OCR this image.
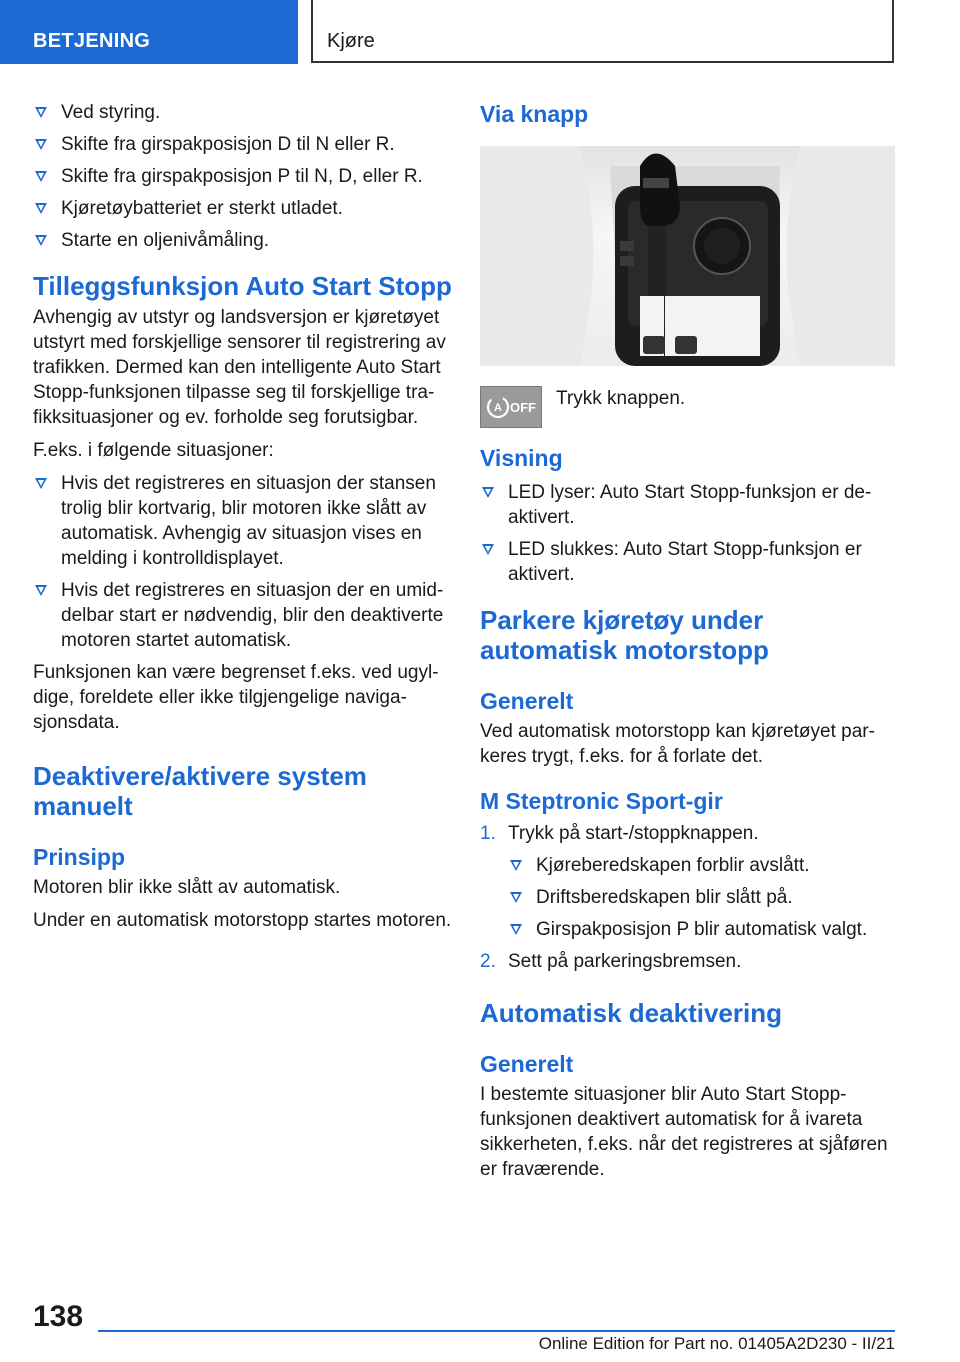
BETJENING	Kjøre
Ved styring.
Skifte fra girspakposisjon D til N eller R.
Skifte fra girspakposisjon P til N, D, eller R.
Kjøretøybatteriet er sterkt utladet.
Starte en oljenivåmåling.
Tilleggsfunksjon Auto Start Stopp

Avhengig av utstyr og landsversjon er kjøretøyet utstyrt med forskjellige sensorer til registrering av trafikken. Dermed kan den intelligente Auto Start Stopp-funksjonen tilpasse seg til forskjellige trafikksituasjoner og ev. forholde seg forutsigbar.

F.eks. i følgende situasjoner:

Hvis det registreres en situasjon der stansen trolig blir kortvarig, blir motoren ikke slått av automatisk. Avhengig av situasjon vises en melding i kontrolldisplayet.
Hvis det registreres en situasjon der en umiddelbar start er nødvendig, blir den deaktiverte motoren startet automatisk.

Funksjonen kan være begrenset f.eks. ved ugyldige, foreldete eller ikke tilgjengelige navigasjonsdata.

Deaktivere/aktivere system manuelt
Prinsipp

Motoren blir ikke slått av automatisk.

Under en automatisk motorstopp startes motoren.

Via knapp
A OFF Trykk knappen.
Visning
LED lyser: Auto Start Stopp-funksjon er deaktivert.
LED slukkes: Auto Start Stopp-funksjon er aktivert.
Parkere kjøretøy under automatisk motorstopp
Generelt

Ved automatisk motorstopp kan kjøretøyet parkeres trygt, f.eks. for å forlate det.

M Steptronic Sport-gir
1. Trykk på start-/stoppknappen.
Kjøreberedskapen forblir avslått.
Driftsberedskapen blir slått på.
Girspakposisjon P blir automatisk valgt.
2. Sett på parkeringsbremsen.
Automatisk deaktivering
Generelt

I bestemte situasjoner blir Auto Start Stopp-funksjonen deaktivert automatisk for å ivareta sikkerheten, f.eks. når det registreres at sjåføren er fraværende.

138
Online Edition for Part no. 01405A2D230 - II/21
